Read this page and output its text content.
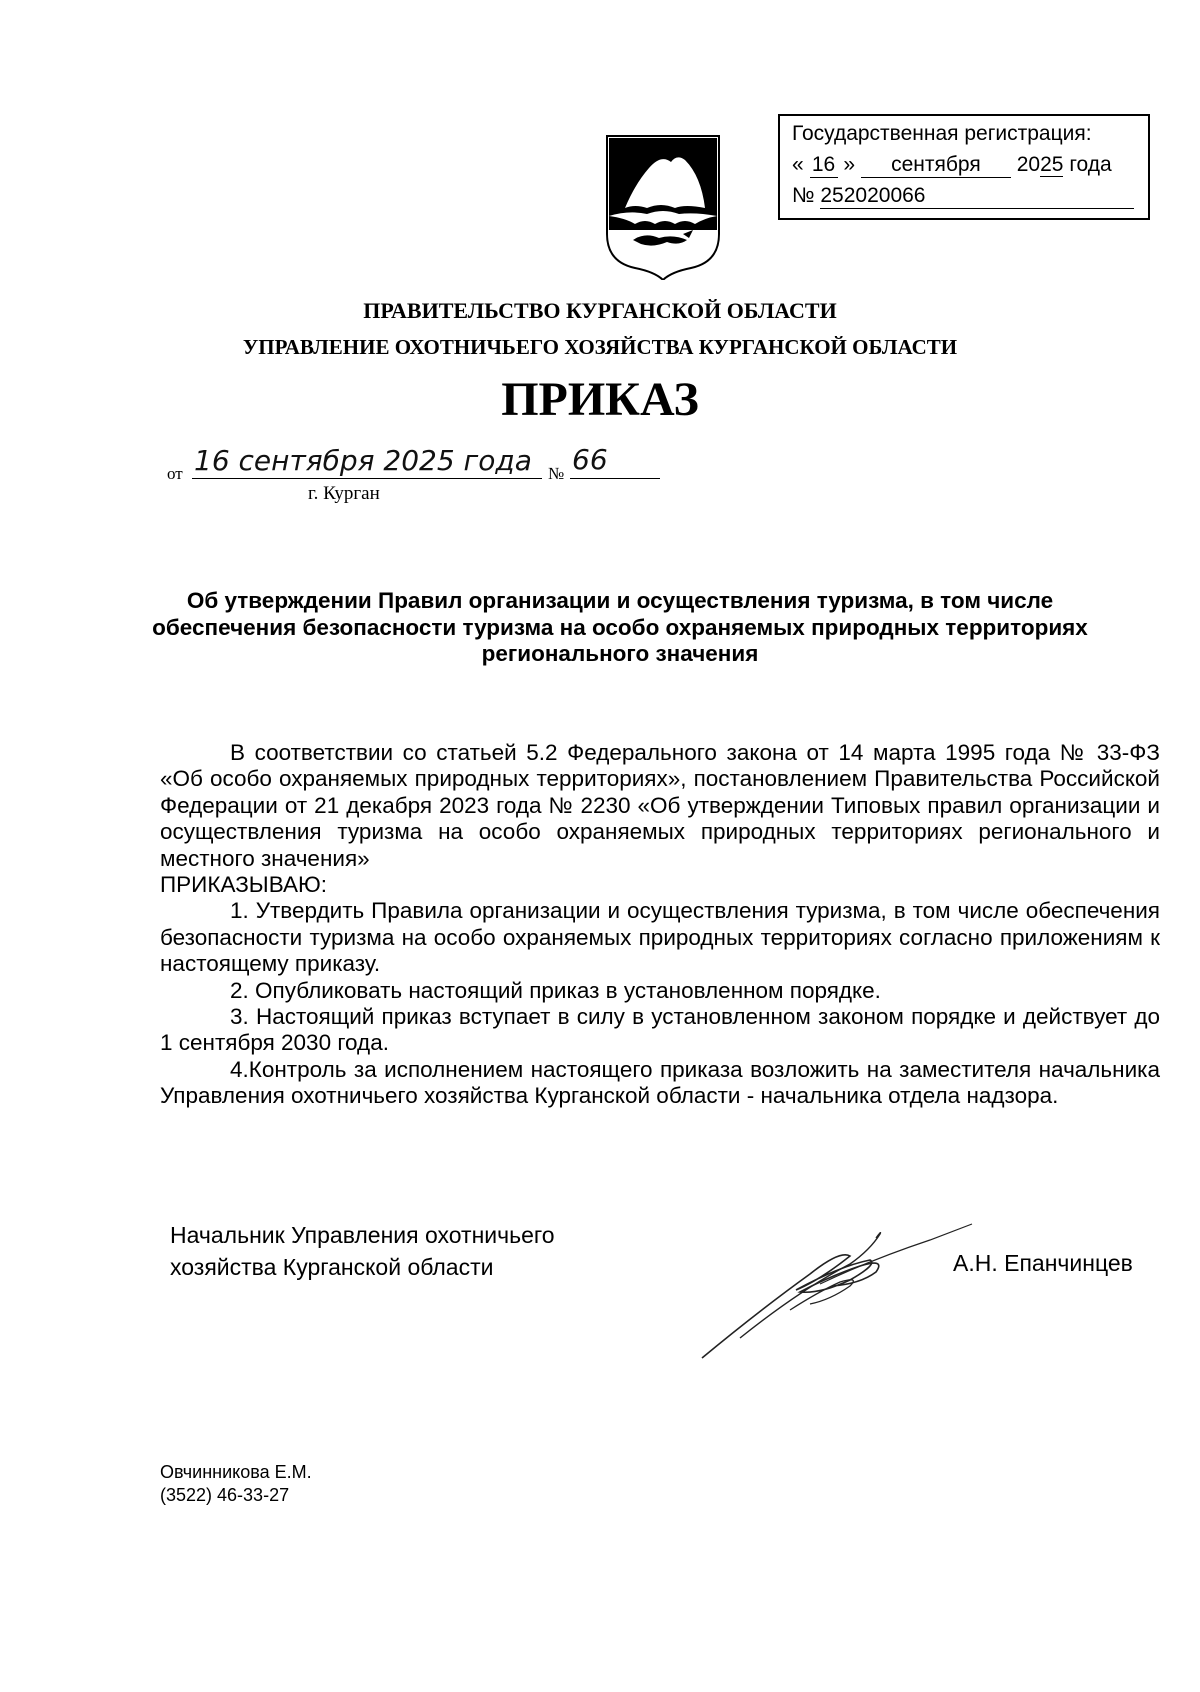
Государственная регистрация:
« 16 » сентября 2025 года
№ 252020066
ПРАВИТЕЛЬСТВО КУРГАНСКОЙ ОБЛАСТИ
УПРАВЛЕНИЕ ОХОТНИЧЬЕГО ХОЗЯЙСТВА КУРГАНСКОЙ ОБЛАСТИ
ПРИКАЗ
от 16 сентября 2025 года № 66
г. Курган
Об утверждении Правил организации и осуществления туризма, в том числе обеспечения безопасности туризма на особо охраняемых природных территориях регионального значения

В соответствии со статьей 5.2 Федерального закона от 14 марта 1995 года № 33-ФЗ «Об особо охраняемых природных территориях», постановлением Правительства Российской Федерации от 21 декабря 2023 года № 2230 «Об утверждении Типовых правил организации и осуществления туризма на особо охраняемых природных территориях регионального и местного значения»
ПРИКАЗЫВАЮ:

1. Утвердить Правила организации и осуществления туризма, в том числе обеспечения безопасности туризма на особо охраняемых природных территориях согласно приложениям к настоящему приказу.

2. Опубликовать настоящий приказ в установленном порядке.

3. Настоящий приказ вступает в силу в установленном законом порядке и действует до 1 сентября 2030 года.

4.Контроль за исполнением настоящего приказа возложить на заместителя начальника Управления охотничьего хозяйства Курганской области - начальника отдела надзора.

Начальник Управления охотничьего
хозяйства Курганской области	А.Н. Епанчинцев
Овчинникова Е.М.
(3522) 46-33-27
